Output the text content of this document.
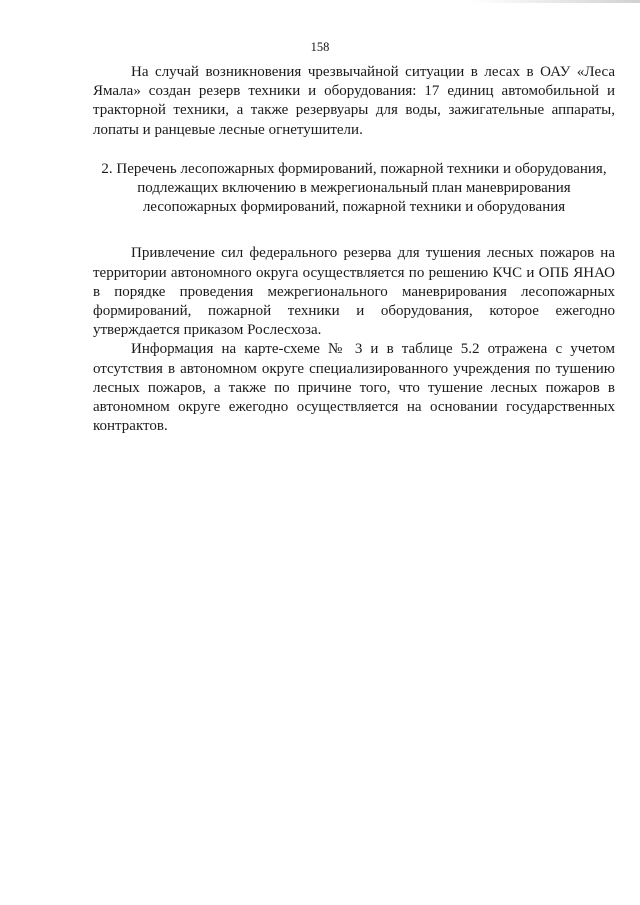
158

На случай возникновения чрезвычайной ситуации в лесах в ОАУ «Леса Ямала» создан резерв техники и оборудования: 17 единиц автомобильной и тракторной техники, а также резервуары для воды, зажигательные аппараты, лопаты и ранцевые лесные огнетушители.

2. Перечень лесопожарных формирований, пожарной техники и оборудования,
подлежащих включению в межрегиональный план маневрирования
лесопожарных формирований, пожарной техники и оборудования

Привлечение сил федерального резерва для тушения лесных пожаров на территории автономного округа осуществляется по решению КЧС и ОПБ ЯНАО в порядке проведения межрегионального маневрирования лесопожарных формирований, пожарной техники и оборудования, которое ежегодно утверждается приказом Рослесхоза.

Информация на карте-схеме № 3 и в таблице 5.2 отражена с учетом отсутствия в автономном округе специализированного учреждения по тушению лесных пожаров, а также по причине того, что тушение лесных пожаров в автономном округе ежегодно осуществляется на основании государственных контрактов.
